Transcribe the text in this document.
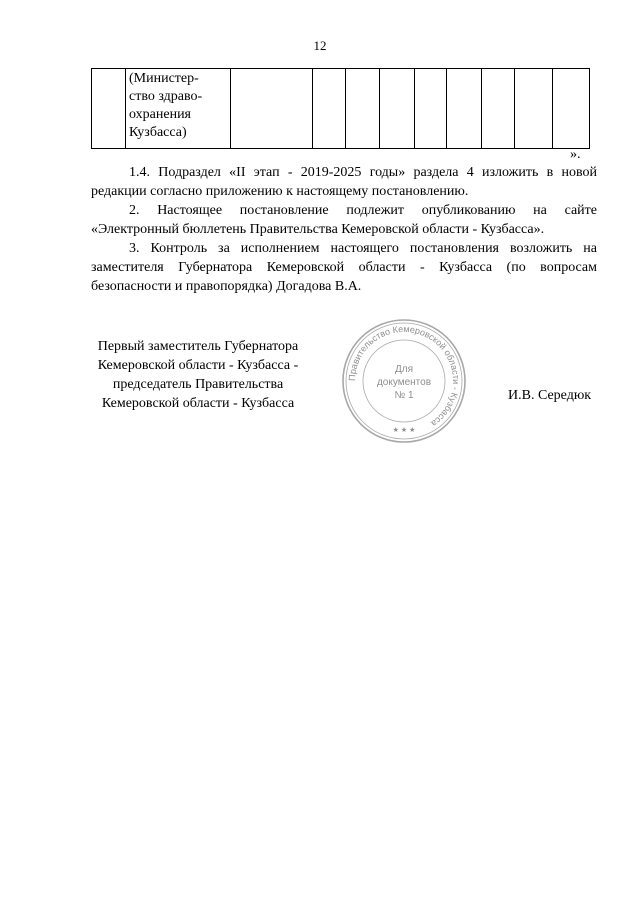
12

(Министер-
ство здраво-
охранения
Кузбасса)

».

1.4. Подраздел «II этап - 2019-2025 годы» раздела 4 изложить в новой редакции согласно приложению к настоящему постановлению.

2. Настоящее постановление подлежит опубликованию на сайте «Электронный бюллетень Правительства Кемеровской области - Кузбасса».

3. Контроль за исполнением настоящего постановления возложить на заместителя Губернатора Кемеровской области - Кузбасса (по вопросам безопасности и правопорядка) Догадова В.А.

Первый заместитель Губернатора
Кемеровской области - Кузбасса -
председатель Правительства
Кемеровской области - Кузбасса
Правительство Кемеровской области - Кузбасса
Для
документов
№ 1
★ ★ ★
И.В. Середюк
